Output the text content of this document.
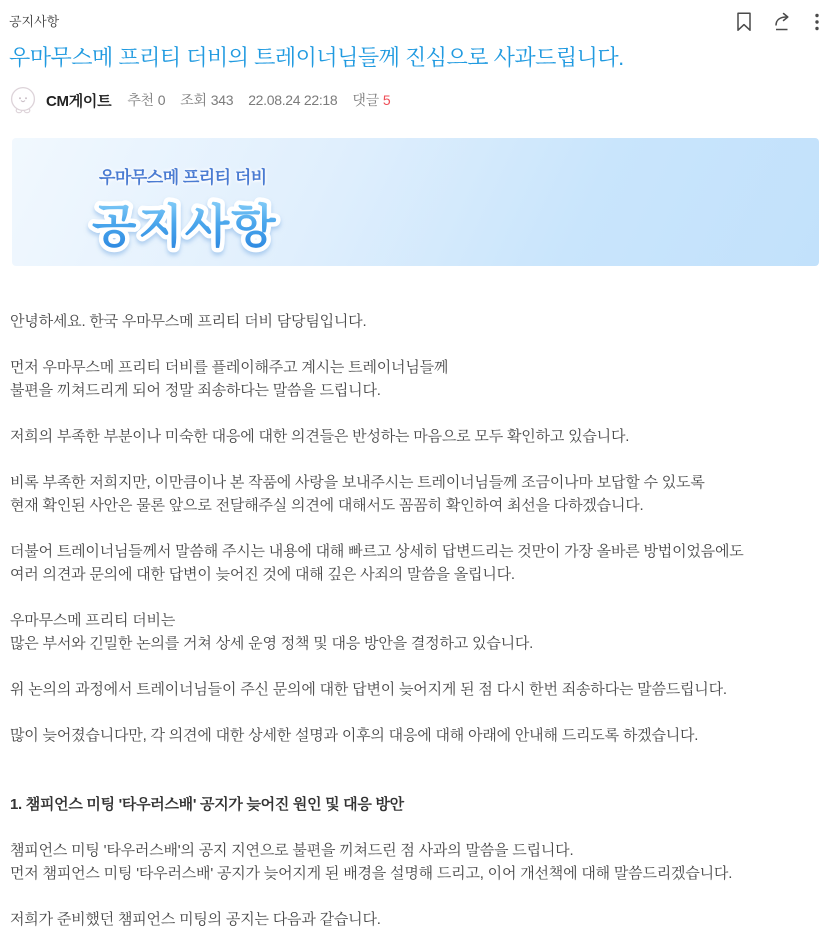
공지사항
우마무스메 프리티 더비의 트레이너님들께 진심으로 사과드립니다.
CM게이트 추천 0 조회 343 22.08.24 22:18 댓글 5
우마무스메 프리티 더비
공지사항

안녕하세요. 한국 우마무스메 프리티 더비 담당팀입니다.

먼저 우마무스메 프리티 더비를 플레이해주고 계시는 트레이너님들께
불편을 끼쳐드리게 되어 정말 죄송하다는 말씀을 드립니다.

저희의 부족한 부분이나 미숙한 대응에 대한 의견들은 반성하는 마음으로 모두 확인하고 있습니다.

비록 부족한 저희지만, 이만큼이나 본 작품에 사랑을 보내주시는 트레이너님들께 조금이나마 보답할 수 있도록
현재 확인된 사안은 물론 앞으로 전달해주실 의견에 대해서도 꼼꼼히 확인하여 최선을 다하겠습니다.

더불어 트레이너님들께서 말씀해 주시는 내용에 대해 빠르고 상세히 답변드리는 것만이 가장 올바른 방법이었음에도
여러 의견과 문의에 대한 답변이 늦어진 것에 대해 깊은 사죄의 말씀을 올립니다.

우마무스메 프리티 더비는
많은 부서와 긴밀한 논의를 거쳐 상세 운영 정책 및 대응 방안을 결정하고 있습니다.

위 논의의 과정에서 트레이너님들이 주신 문의에 대한 답변이 늦어지게 된 점 다시 한번 죄송하다는 말씀드립니다.

많이 늦어졌습니다만, 각 의견에 대한 상세한 설명과 이후의 대응에 대해 아래에 안내해 드리도록 하겠습니다.

1. 챔피언스 미팅 '타우러스배' 공지가 늦어진 원인 및 대응 방안

챔피언스 미팅 '타우러스배'의 공지 지연으로 불편을 끼쳐드린 점 사과의 말씀을 드립니다.
먼저 챔피언스 미팅 '타우러스배' 공지가 늦어지게 된 배경을 설명해 드리고, 이어 개선책에 대해 말씀드리겠습니다.

저희가 준비했던 챔피언스 미팅의 공지는 다음과 같습니다.
